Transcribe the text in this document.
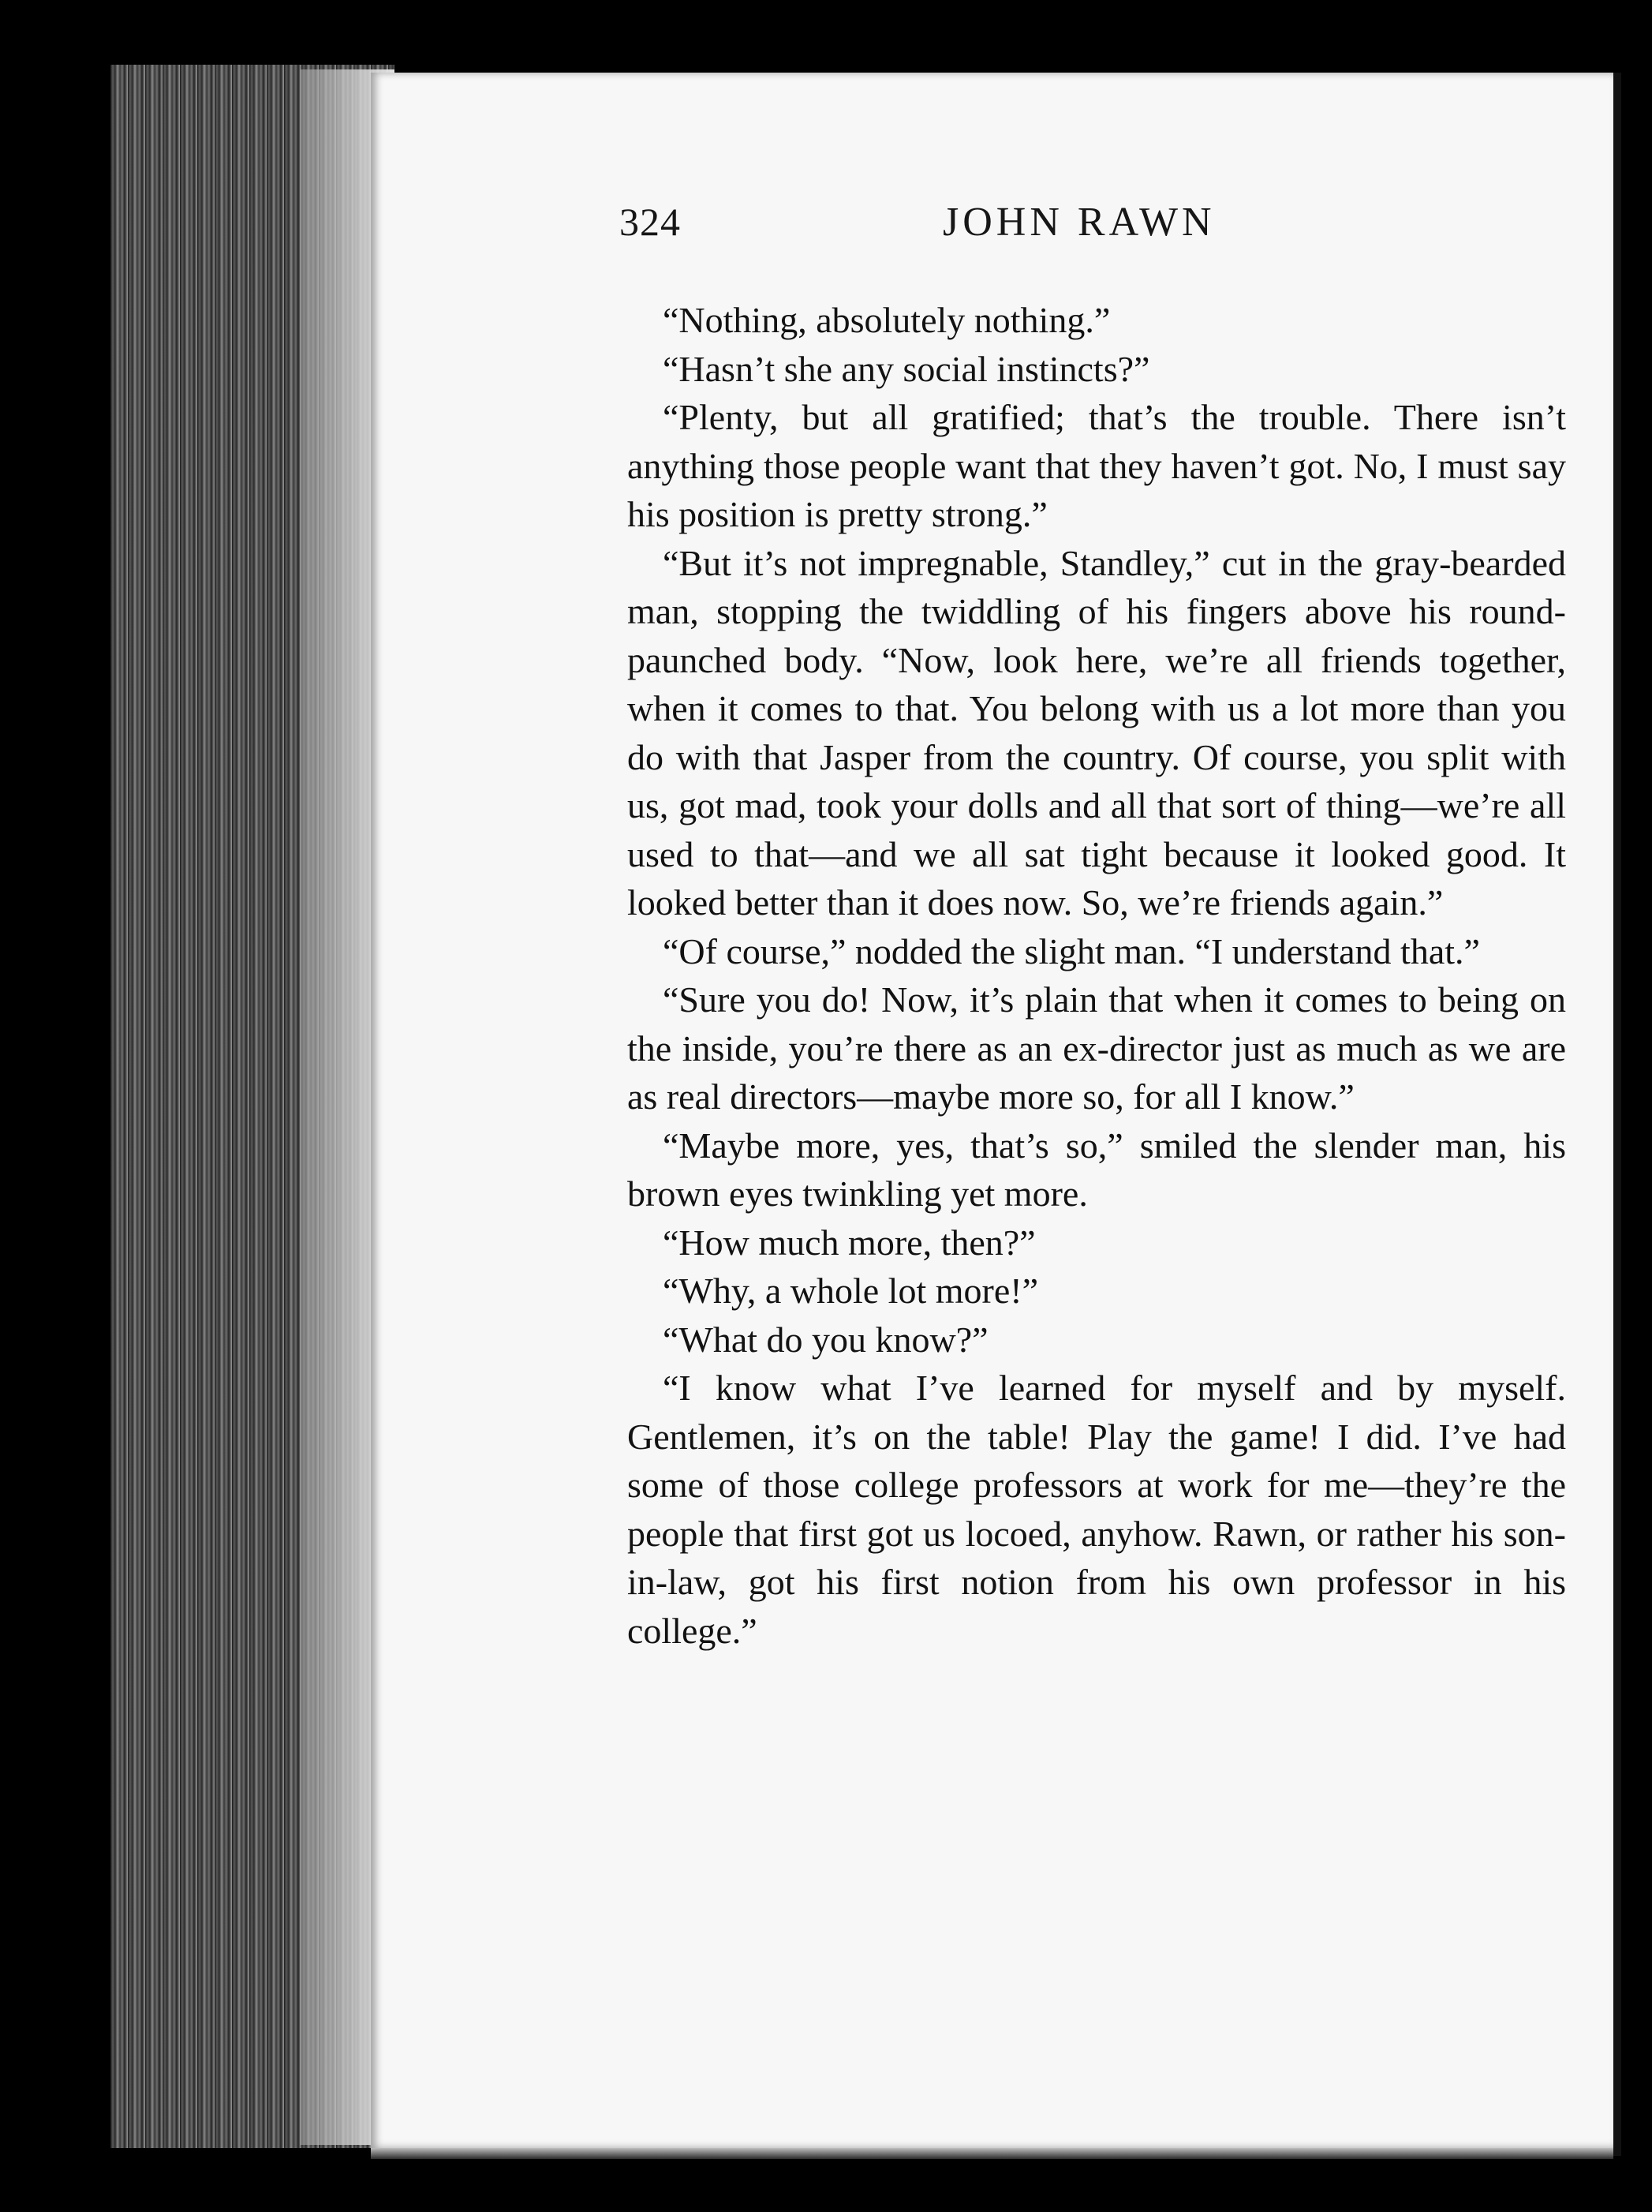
324	JOHN RAWN

“Nothing, absolutely nothing.”

“Hasn’t she any social instincts?”

“Plenty, but all gratified; that’s the trouble. There isn’t anything those people want that they haven’t got. No, I must say his position is pretty strong.”

“But it’s not impregnable, Standley,” cut in the gray-bearded man, stopping the twiddling of his fingers above his round-paunched body. “Now, look here, we’re all friends together, when it comes to that. You belong with us a lot more than you do with that Jasper from the country. Of course, you split with us, got mad, took your dolls and all that sort of thing—we’re all used to that—and we all sat tight because it looked good. It looked better than it does now. So, we’re friends again.”

“Of course,” nodded the slight man. “I understand that.”

“Sure you do! Now, it’s plain that when it comes to being on the inside, you’re there as an ex-director just as much as we are as real directors—maybe more so, for all I know.”

“Maybe more, yes, that’s so,” smiled the slender man, his brown eyes twinkling yet more.

“How much more, then?”

“Why, a whole lot more!”

“What do you know?”

“I know what I’ve learned for myself and by myself. Gentlemen, it’s on the table! Play the game! I did. I’ve had some of those college professors at work for me—they’re the people that first got us locoed, anyhow. Rawn, or rather his son-in-law, got his first notion from his own professor in his college.”
